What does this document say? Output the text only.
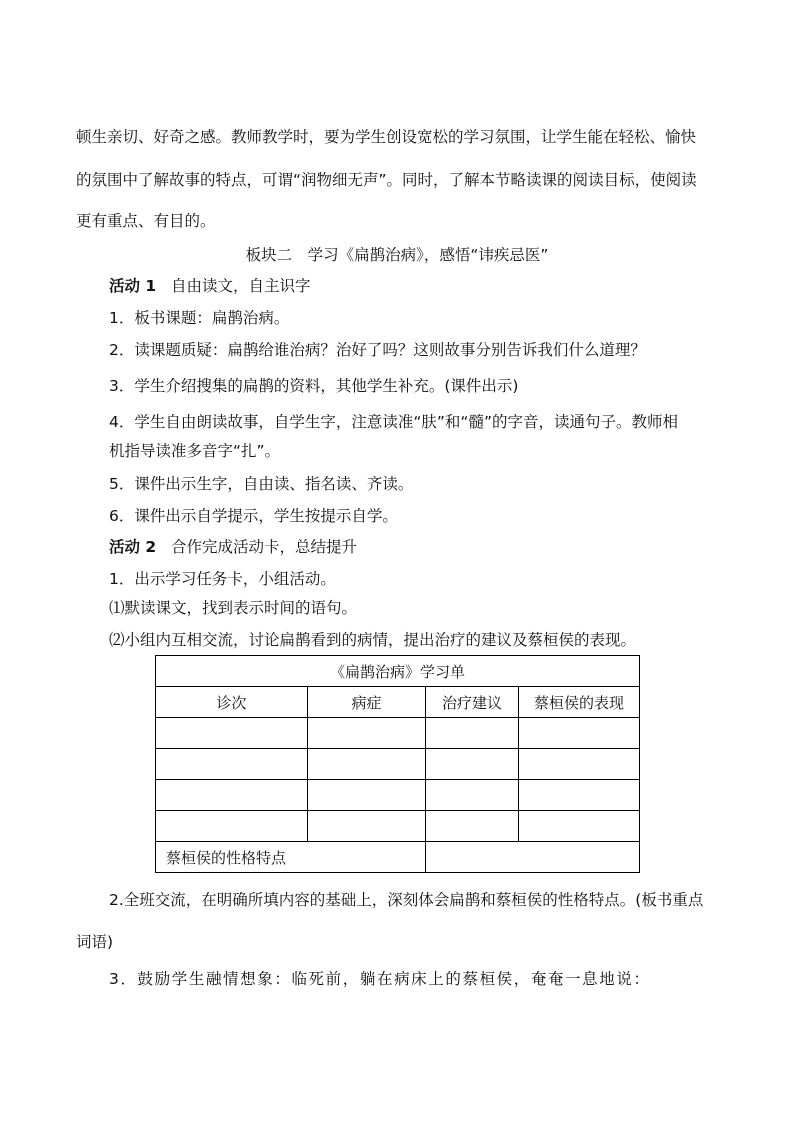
顿生亲切、好奇之感。教师教学时，要为学生创设宽松的学习氛围，让学生能在轻松、愉快
的氛围中了解故事的特点，可谓“润物细无声”。同时，了解本节略读课的阅读目标，使阅读
更有重点、有目的。
板块二　学习《扁鹊治病》，感悟“讳疾忌医”
活动 1 自由读文，自主识字
1．板书课题：扁鹊治病。
2．读课题质疑：扁鹊给谁治病？治好了吗？这则故事分别告诉我们什么道理？
3．学生介绍搜集的扁鹊的资料，其他学生补充。(课件出示)
4．学生自由朗读故事，自学生字，注意读准“肤”和“髓”的字音，读通句子。教师相
机指导读准多音字“扎”。
5．课件出示生字，自由读、指名读、齐读。
6．课件出示自学提示，学生按提示自学。
活动 2 合作完成活动卡，总结提升
1．出示学习任务卡，小组活动。
⑴默读课文，找到表示时间的语句。
⑵小组内互相交流，讨论扁鹊看到的病情，提出治疗的建议及蔡桓侯的表现。
《扁鹊治病》学习单			
诊次	病症	治疗建议	蔡桓侯的表现

蔡桓侯的性格特点			
2.全班交流，在明确所填内容的基础上，深刻体会扁鹊和蔡桓侯的性格特点。(板书重点
词语)
3．鼓励学生融情想象：临死前，躺在病床上的蔡桓侯，奄奄一息地说：
